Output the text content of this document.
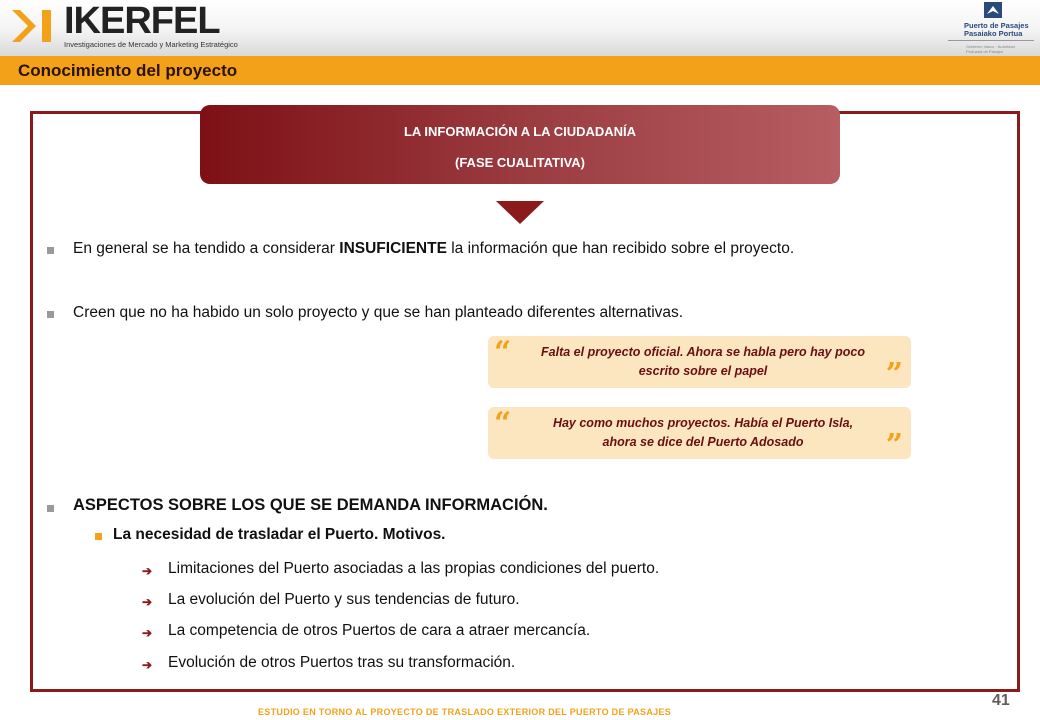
IKERFEL
Investigaciones de Mercado y Marketing Estratégico
Puerto de Pasajes
Pasaiako Portua
Gobierno Vasco · Autoridad Portuaria de Pasajes
Conocimiento del proyecto
LA INFORMACIÓN A LA CIUDADANÍA
(FASE CUALITATIVA)
En general se ha tendido a considerar INSUFICIENTE la información que han recibido sobre el proyecto.
Creen que no ha habido un solo proyecto y que se han planteado diferentes alternativas.
“	Falta el proyecto oficial. Ahora se habla pero hay poco
escrito sobre el papel	”
“	Hay como muchos proyectos. Había el Puerto Isla,
ahora se dice del Puerto Adosado	”
ASPECTOS SOBRE LOS QUE SE DEMANDA INFORMACIÓN.
La necesidad de trasladar el Puerto. Motivos.
➔ Limitaciones del Puerto asociadas a las propias condiciones del puerto.
➔ La evolución del Puerto y sus tendencias de futuro.
➔ La competencia de otros Puertos de cara a atraer mercancía.
➔ Evolución de otros Puertos tras su transformación.
ESTUDIO EN TORNO AL PROYECTO DE TRASLADO EXTERIOR DEL PUERTO DE PASAJES
41
